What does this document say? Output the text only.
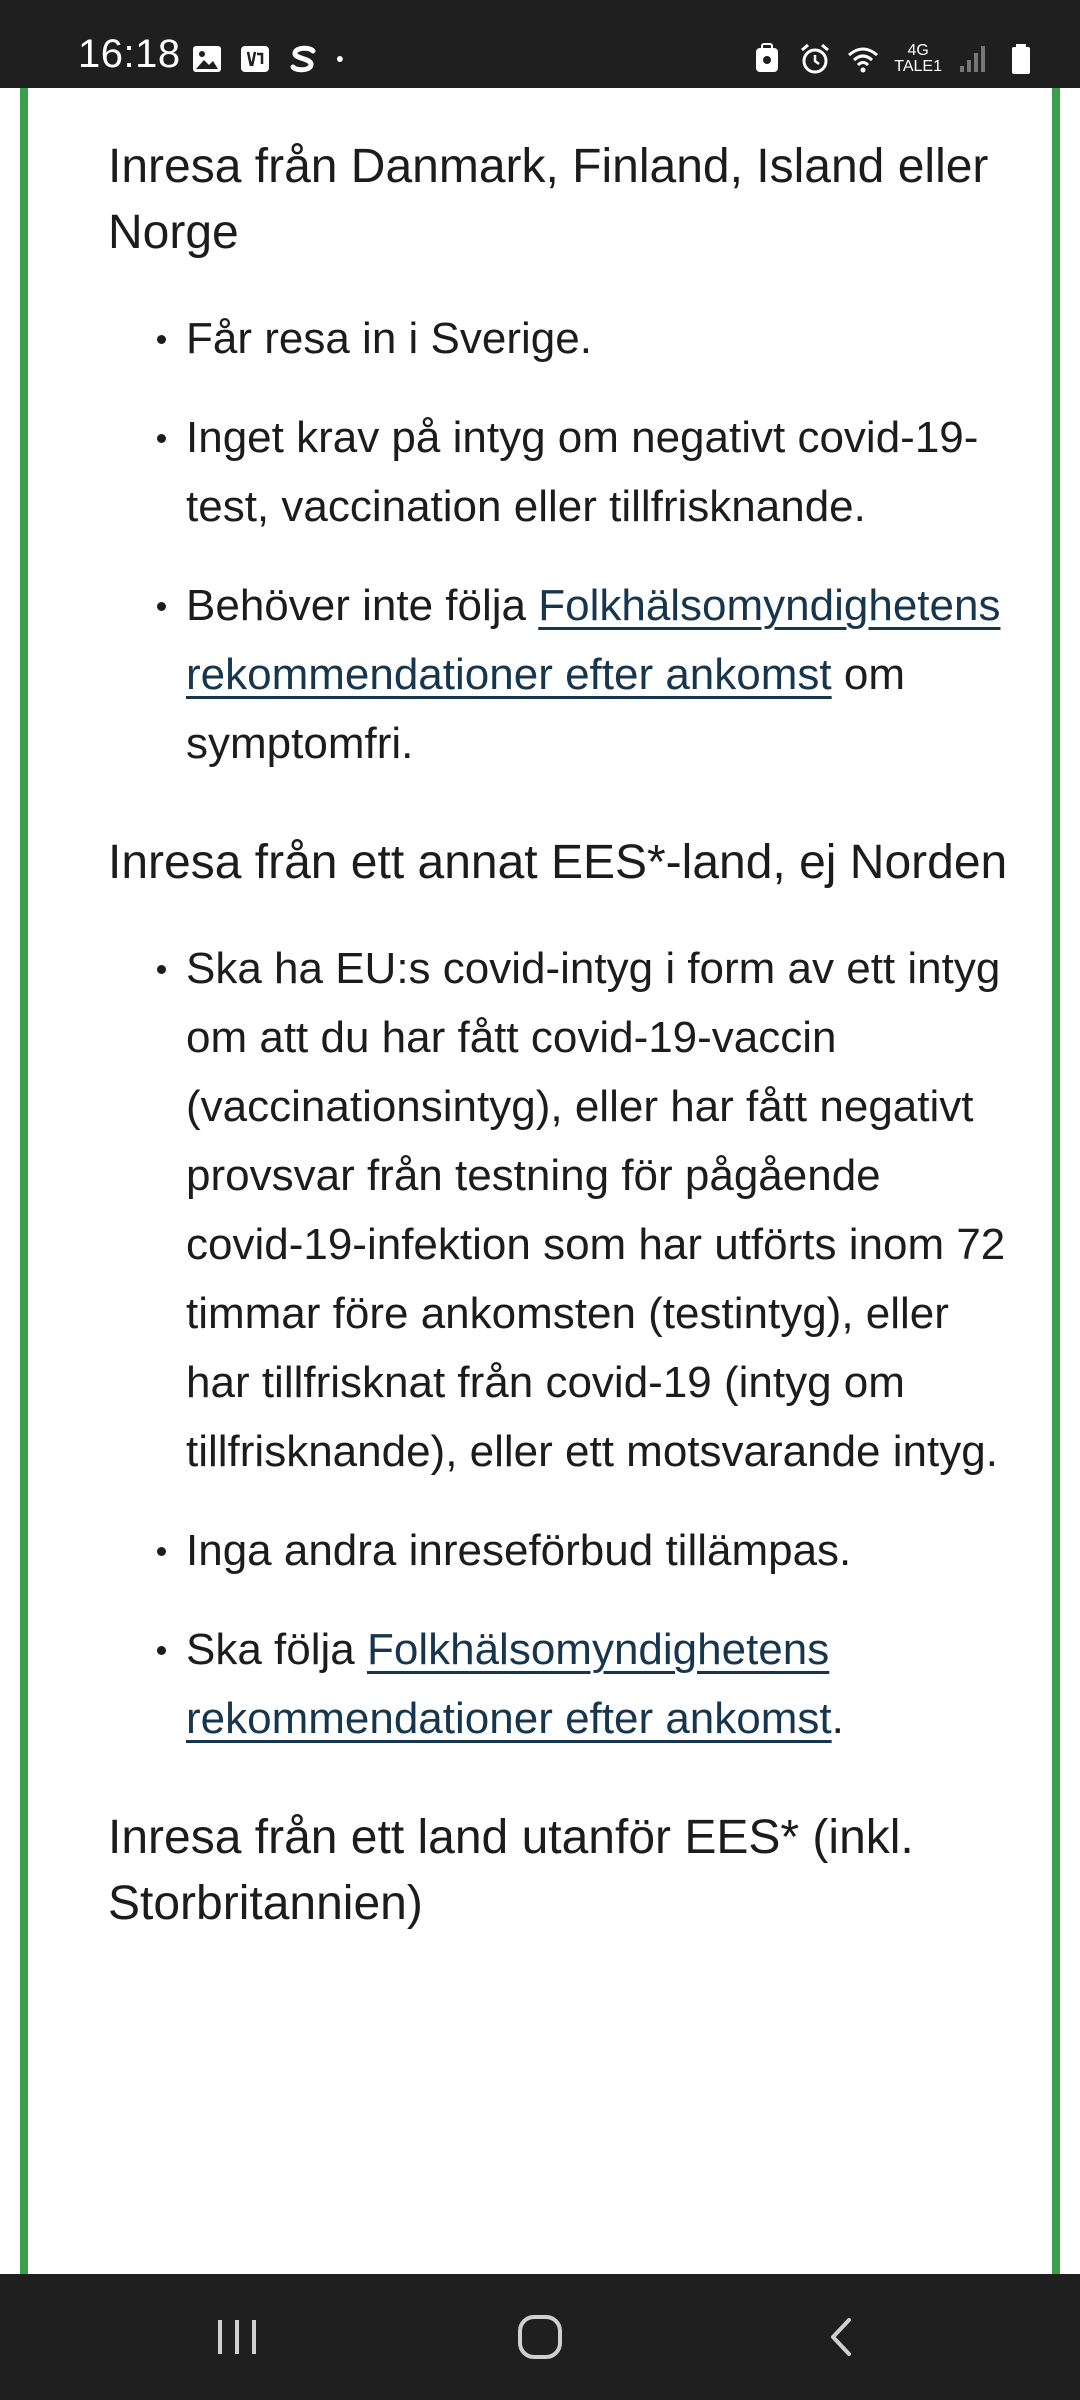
16:18	4G
TALE1
Inresa från Danmark, Finland, Island eller Norge
Får resa in i Sverige.
Inget krav på intyg om negativt covid-19-test, vaccination eller tillfrisknande.
Behöver inte följa Folkhälsomyndighetens rekommendationer efter ankomst om symptomfri.
Inresa från ett annat EES*-land, ej Norden
Ska ha EU:s covid-intyg i form av ett intyg om att du har fått covid-19-vaccin (vaccinationsintyg), eller har fått negativt provsvar från testning för pågående covid-19-infektion som har utförts inom 72 timmar före ankomsten (testintyg), eller har tillfrisknat från covid-19 (intyg om tillfrisknande), eller ett motsvarande intyg.
Inga andra inreseförbud tillämpas.
Ska följa Folkhälsomyndighetens rekommendationer efter ankomst.
Inresa från ett land utanför EES* (inkl. Storbritannien)
